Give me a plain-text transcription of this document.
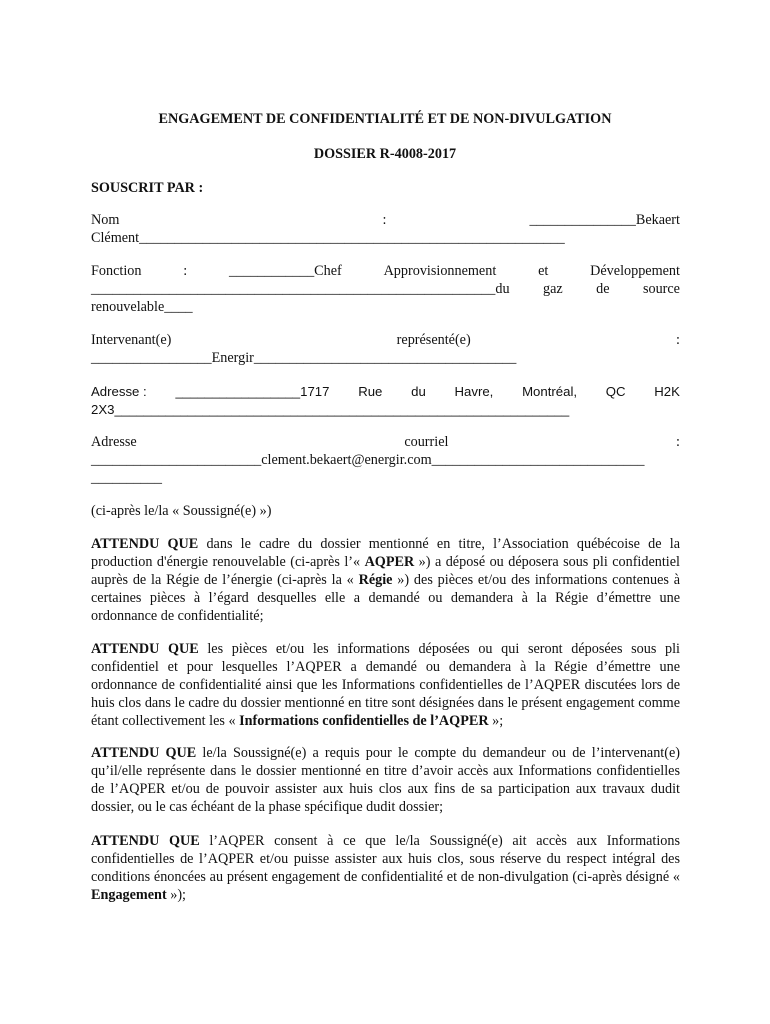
ENGAGEMENT DE CONFIDENTIALITÉ ET DE NON-DIVULGATION
DOSSIER R-4008-2017
SOUSCRIT PAR :
Nom	:	_______________Bekaert
Clément____________________________________________________________
Fonction	:	____________Chef	Approvisionnement	et	Développement
_________________________________________________________du gaz de source
renouvelable____
Intervenant(e)	représenté(e)	:
_________________Energir_____________________________________
Adresse : _________________1717 Rue du Havre, Montréal, QC H2K
2X3______________________________________________________________
Adresse	courriel	:
________________________clement.bekaert@energir.com______________________________
__________
(ci-après le/la « Soussigné(e) »)
ATTENDU QUE dans le cadre du dossier mentionné en titre, l’Association québécoise de la production d'énergie renouvelable (ci-après l’« AQPER ») a déposé ou déposera sous pli confidentiel auprès de la Régie de l’énergie (ci-après la « Régie ») des pièces et/ou des informations contenues à certaines pièces à l’égard desquelles elle a demandé ou demandera à la Régie d’émettre une ordonnance de confidentialité;
ATTENDU QUE les pièces et/ou les informations déposées ou qui seront déposées sous pli confidentiel et pour lesquelles l’AQPER a demandé ou demandera à la Régie d’émettre une ordonnance de confidentialité ainsi que les Informations confidentielles de l’AQPER discutées lors de huis clos dans le cadre du dossier mentionné en titre sont désignées dans le présent engagement comme étant collectivement les « Informations confidentielles de l’AQPER »;
ATTENDU QUE le/la Soussigné(e) a requis pour le compte du demandeur ou de l’intervenant(e) qu’il/elle représente dans le dossier mentionné en titre d’avoir accès aux Informations confidentielles de l’AQPER et/ou de pouvoir assister aux huis clos aux fins de sa participation aux travaux dudit dossier, ou le cas échéant de la phase spécifique dudit dossier;
ATTENDU QUE l’AQPER consent à ce que le/la Soussigné(e) ait accès aux Informations confidentielles de l’AQPER et/ou puisse assister aux huis clos, sous réserve du respect intégral des conditions énoncées au présent engagement de confidentialité et de non-divulgation (ci-après désigné « Engagement »);
